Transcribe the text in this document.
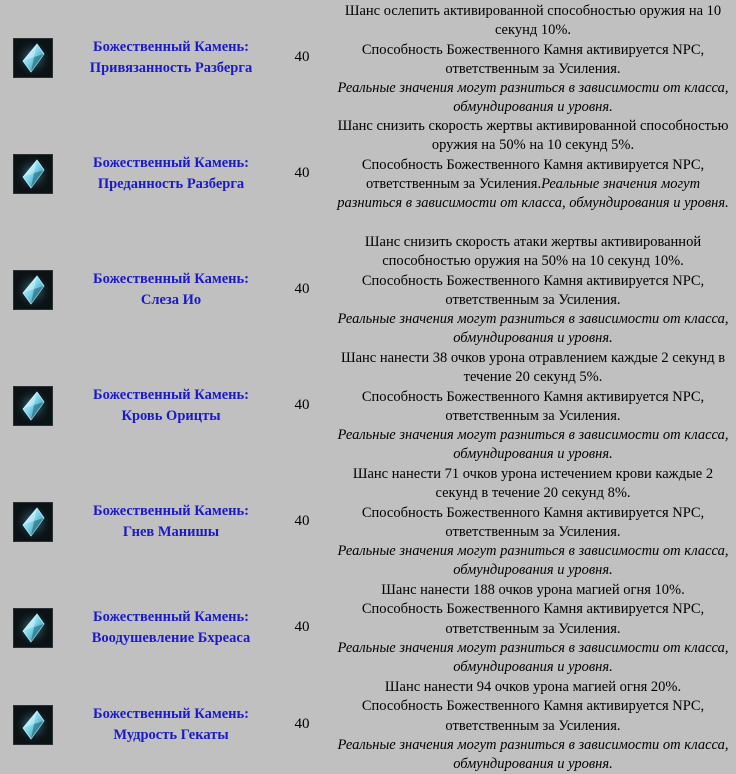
Божественный Камень:
Привязанность Разберга
40
Шанс ослепить активированной способностью оружия на 10 секунд 10%.
Способность Божественного Камня активируется NPC, ответственным за Усиления.
Реальные значения могут разниться в зависимости от класса, обмундирования и уровня.
Божественный Камень:
Преданность Разберга
40
Шанс снизить скорость жертвы активированной способностью оружия на 50% на 10 секунд 5%.
Способность Божественного Камня активируется NPC, ответственным за Усиления.Реальные значения могут разниться в зависимости от класса, обмундирования и уровня.
Божественный Камень:
Слеза Ио
40
Шанс снизить скорость атаки жертвы активированной способностью оружия на 50% на 10 секунд 10%.
Способность Божественного Камня активируется NPC, ответственным за Усиления.
Реальные значения могут разниться в зависимости от класса, обмундирования и уровня.
Божественный Камень:
Кровь Орицты
40
Шанс нанести 38 очков урона отравлением каждые 2 секунд в течение 20 секунд 5%.
Способность Божественного Камня активируется NPC, ответственным за Усиления.
Реальные значения могут разниться в зависимости от класса, обмундирования и уровня.
Божественный Камень:
Гнев Манишы
40
Шанс нанести 71 очков урона истечением крови каждые 2 секунд в течение 20 секунд 8%.
Способность Божественного Камня активируется NPC, ответственным за Усиления.
Реальные значения могут разниться в зависимости от класса, обмундирования и уровня.
Божественный Камень:
Воодушевление Бхреаса
40
Шанс нанести 188 очков урона магией огня 10%.
Способность Божественного Камня активируется NPC, ответственным за Усиления.
Реальные значения могут разниться в зависимости от класса, обмундирования и уровня.
Божественный Камень:
Мудрость Гекаты
40
Шанс нанести 94 очков урона магией огня 20%.
Способность Божественного Камня активируется NPC, ответственным за Усиления.
Реальные значения могут разниться в зависимости от класса, обмундирования и уровня.
